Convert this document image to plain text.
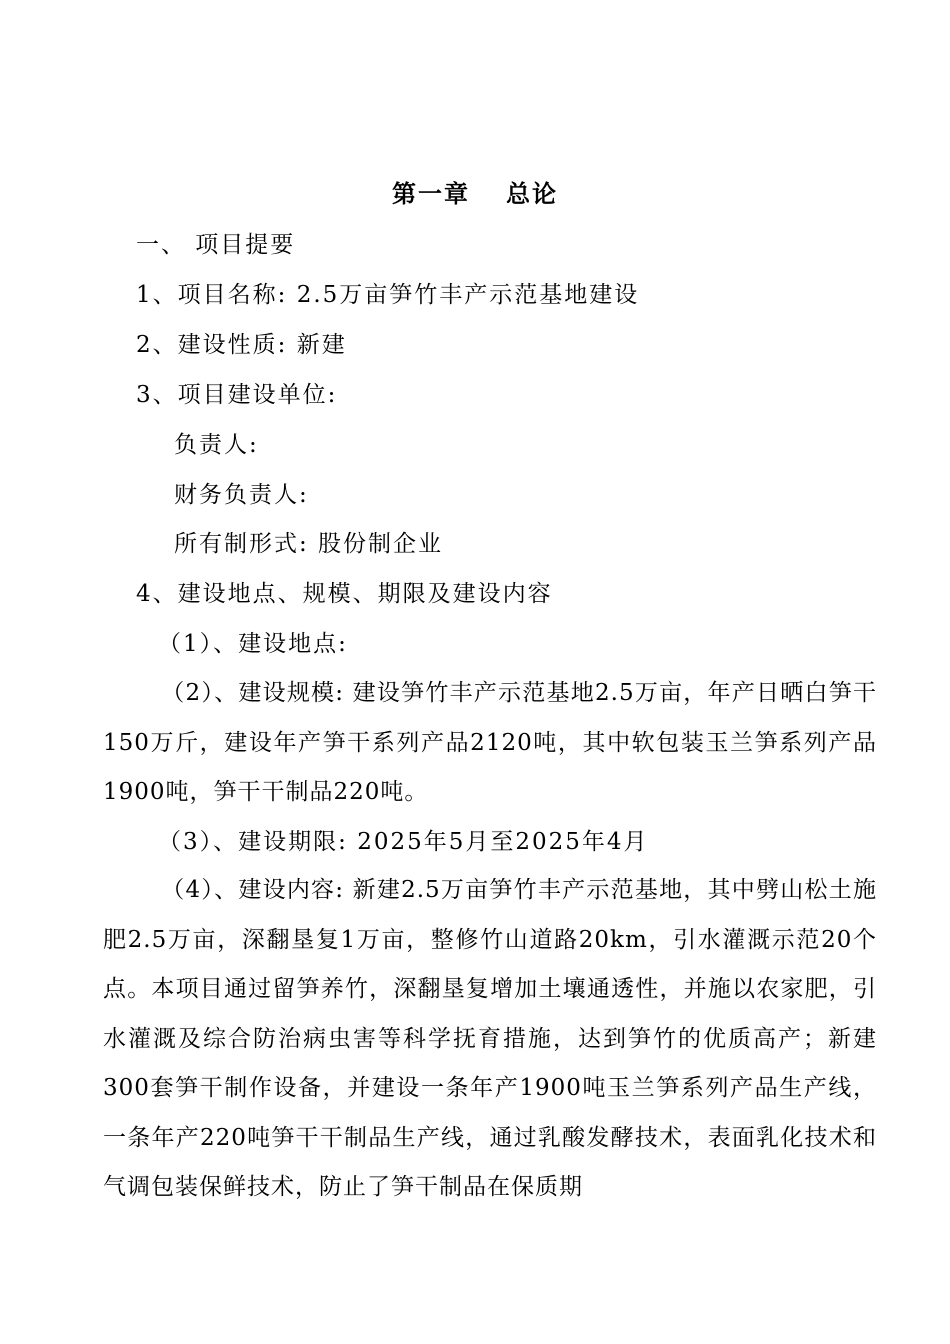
第一章 总论
一、 项目提要
1、项目名称: 2.5万亩笋竹丰产示范基地建设
2、建设性质: 新建
3、项目建设单位:
负责人:
财务负责人:
所有制形式: 股份制企业
4、建设地点、规模、期限及建设内容
（1）、建设地点:
（2）、建设规模: 建设笋竹丰产示范基地2.5万亩，年产日晒白笋干150万斤，建设年产笋干系列产品2120吨，其中软包装玉兰笋系列产品1900吨，笋干干制品220吨。
（3）、建设期限: 2025年5月至2025年4月
（4）、建设内容: 新建2.5万亩笋竹丰产示范基地，其中劈山松土施肥2.5万亩，深翻垦复1万亩，整修竹山道路20km，引水灌溉示范20个点。本项目通过留笋养竹，深翻垦复增加土壤通透性，并施以农家肥，引水灌溉及综合防治病虫害等科学抚育措施，达到笋竹的优质高产；新建300套笋干制作设备，并建设一条年产1900吨玉兰笋系列产品生产线，一条年产220吨笋干干制品生产线，通过乳酸发酵技术，表面乳化技术和气调包装保鲜技术，防止了笋干制品在保质期
